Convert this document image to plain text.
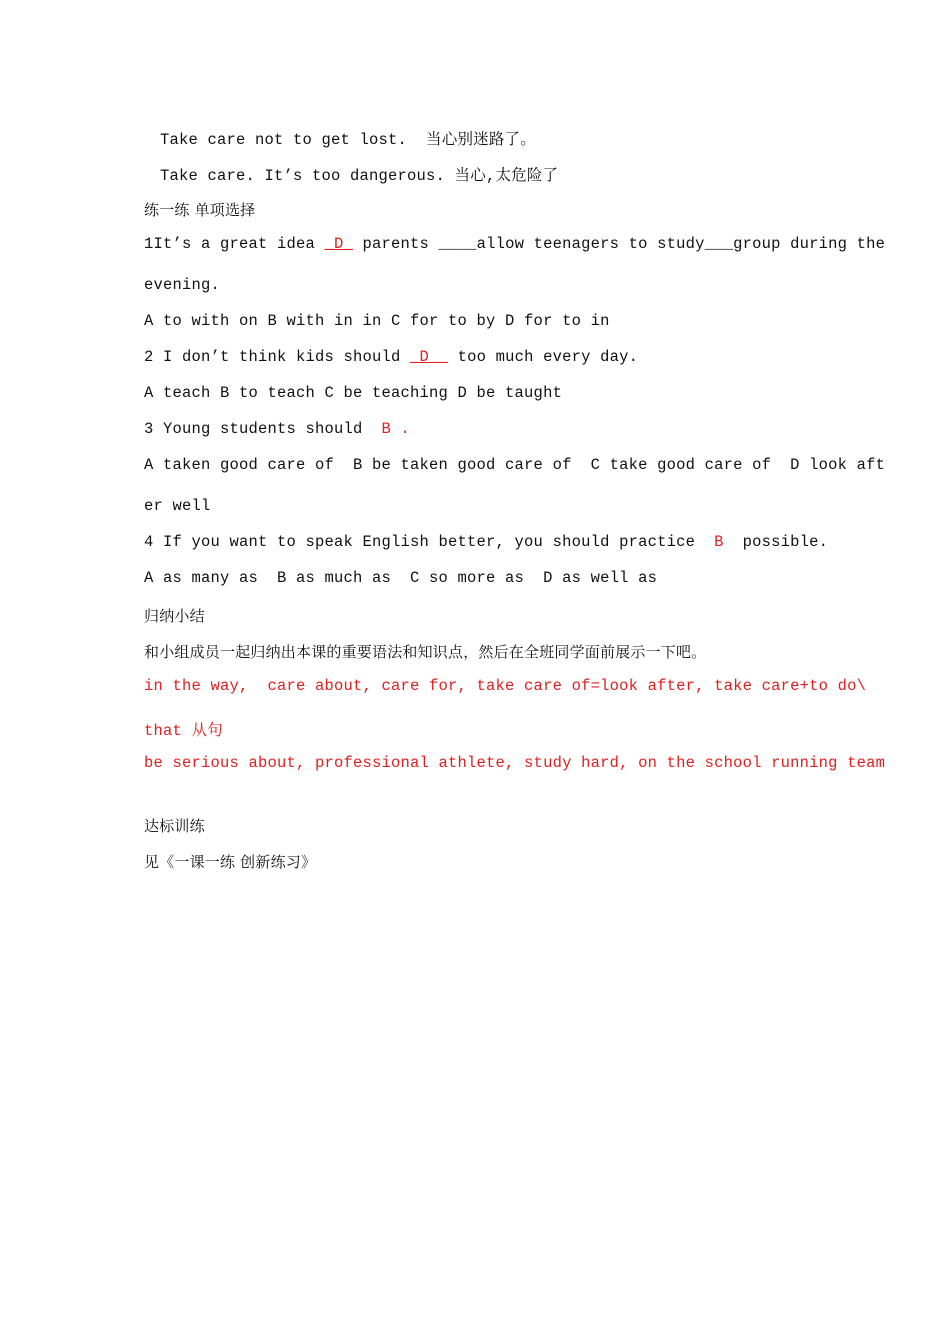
Take care not to get lost.  当心别迷路了。
Take care. It’s too dangerous. 当心,太危险了
练一练 单项选择
1It’s a great idea _D_ parents ____allow teenagers to study___group during the
evening.
A to with on B with in in C for to by D for to in
2 I don’t think kids should _D__ too much every day.
A teach B to teach C be teaching D be taught
3 Young students should  B .
A taken good care of  B be taken good care of  C take good care of  D look aft
er well
4 If you want to speak English better, you should practice  B  possible.
A as many as  B as much as  C so more as  D as well as
归纳小结
和小组成员一起归纳出本课的重要语法和知识点，然后在全班同学面前展示一下吧。
in the way,  care about, care for, take care of=look after, take care+to do\
that 从句
be serious about, professional athlete, study hard, on the school running team
达标训练
见《一课一练 创新练习》
